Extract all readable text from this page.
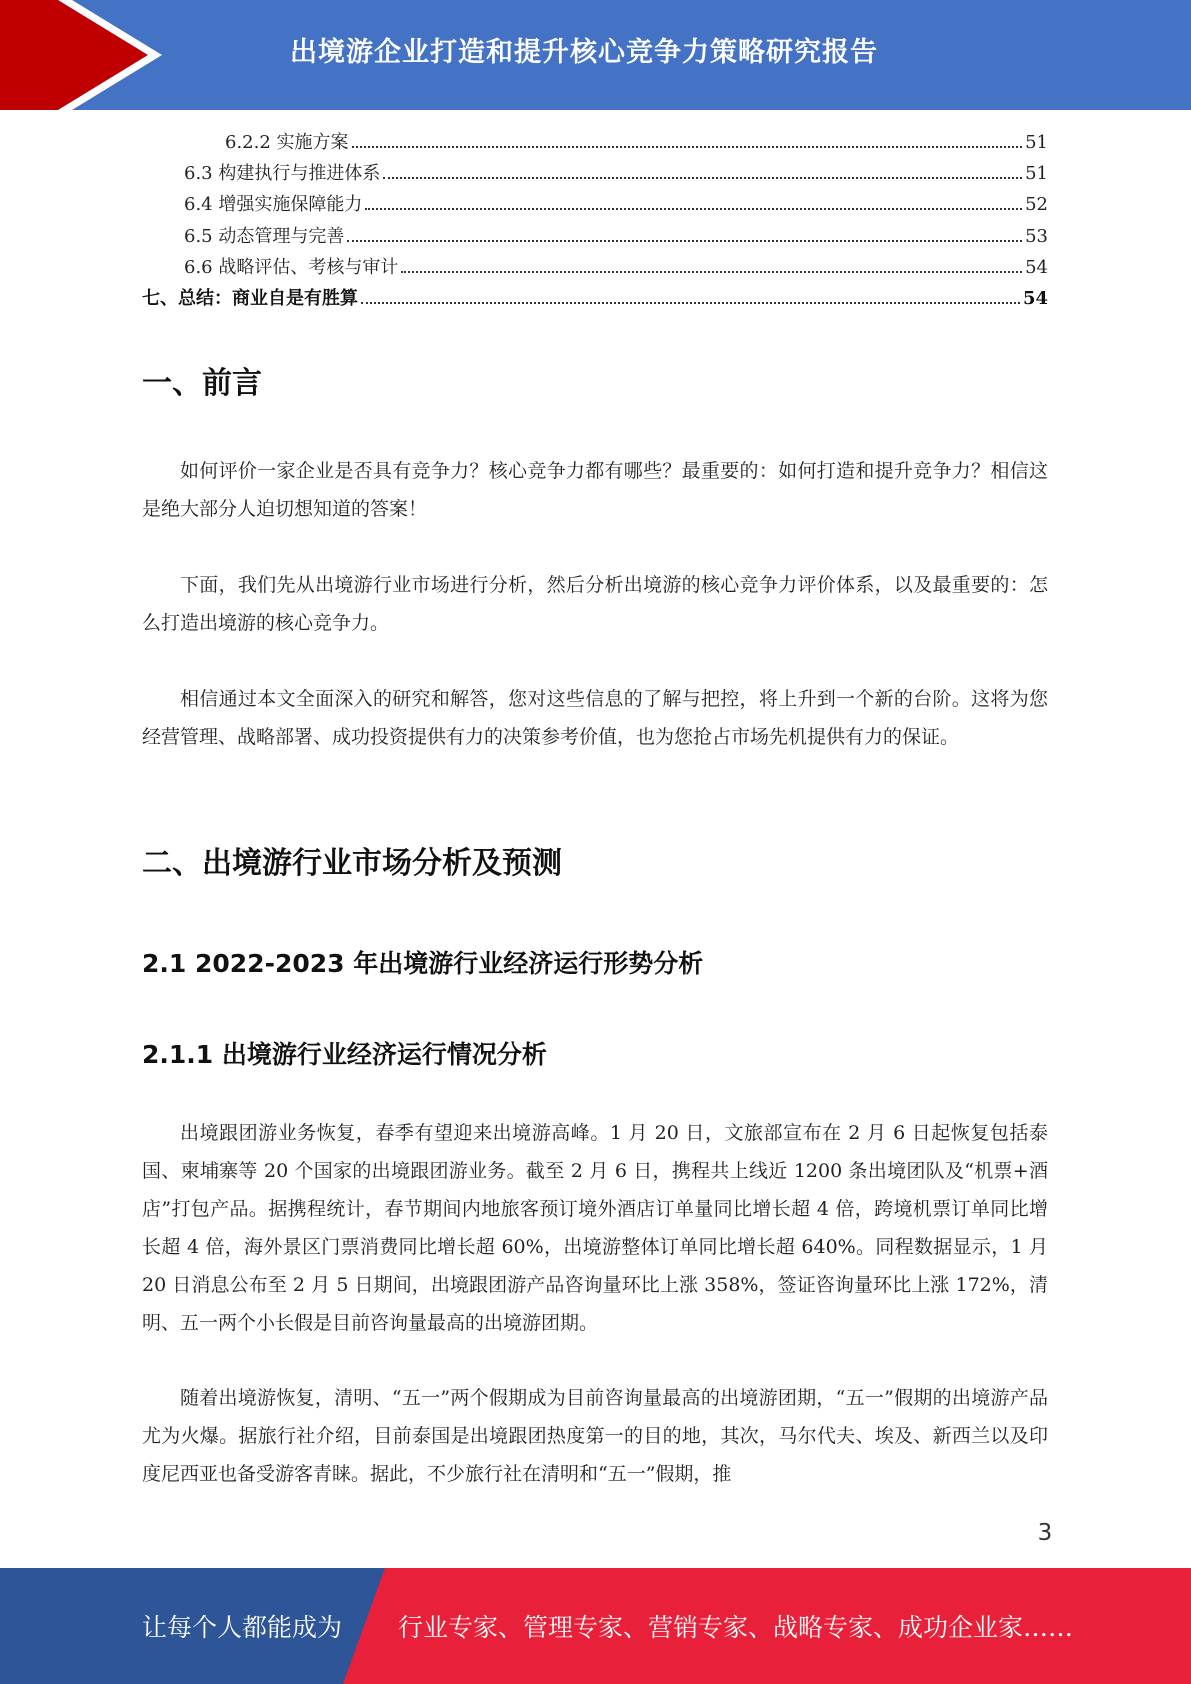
出境游企业打造和提升核心竞争力策略研究报告
6.2.2 实施方案	51
6.3 构建执行与推进体系	51
6.4 增强实施保障能力	52
6.5 动态管理与完善	53
6.6 战略评估、考核与审计	54
七、总结：商业自是有胜算	54
一、前言

如何评价一家企业是否具有竞争力？核心竞争力都有哪些？最重要的：如何打造和提升竞争力？相信这是绝大部分人迫切想知道的答案！

下面，我们先从出境游行业市场进行分析，然后分析出境游的核心竞争力评价体系，以及最重要的：怎么打造出境游的核心竞争力。

相信通过本文全面深入的研究和解答，您对这些信息的了解与把控，将上升到一个新的台阶。这将为您经营管理、战略部署、成功投资提供有力的决策参考价值，也为您抢占市场先机提供有力的保证。

二、出境游行业市场分析及预测
2.1 2022-2023 年出境游行业经济运行形势分析
2.1.1 出境游行业经济运行情况分析

出境跟团游业务恢复，春季有望迎来出境游高峰。1 月 20 日，文旅部宣布在 2 月 6 日起恢复包括泰国、柬埔寨等 20 个国家的出境跟团游业务。截至 2 月 6 日，携程共上线近 1200 条出境团队及“机票+酒店”打包产品。据携程统计，春节期间内地旅客预订境外酒店订单量同比增长超 4 倍，跨境机票订单同比增长超 4 倍，海外景区门票消费同比增长超 60%，出境游整体订单同比增长超 640%。同程数据显示，1 月 20 日消息公布至 2 月 5 日期间，出境跟团游产品咨询量环比上涨 358%，签证咨询量环比上涨 172%，清明、五一两个小长假是目前咨询量最高的出境游团期。

随着出境游恢复，清明、“五一”两个假期成为目前咨询量最高的出境游团期，“五一”假期的出境游产品尤为火爆。据旅行社介绍，目前泰国是出境跟团热度第一的目的地，其次，马尔代夫、埃及、新西兰以及印度尼西亚也备受游客青睐。据此，不少旅行社在清明和“五一”假期，推

3
让每个人都能成为 行业专家、管理专家、营销专家、战略专家、成功企业家……
